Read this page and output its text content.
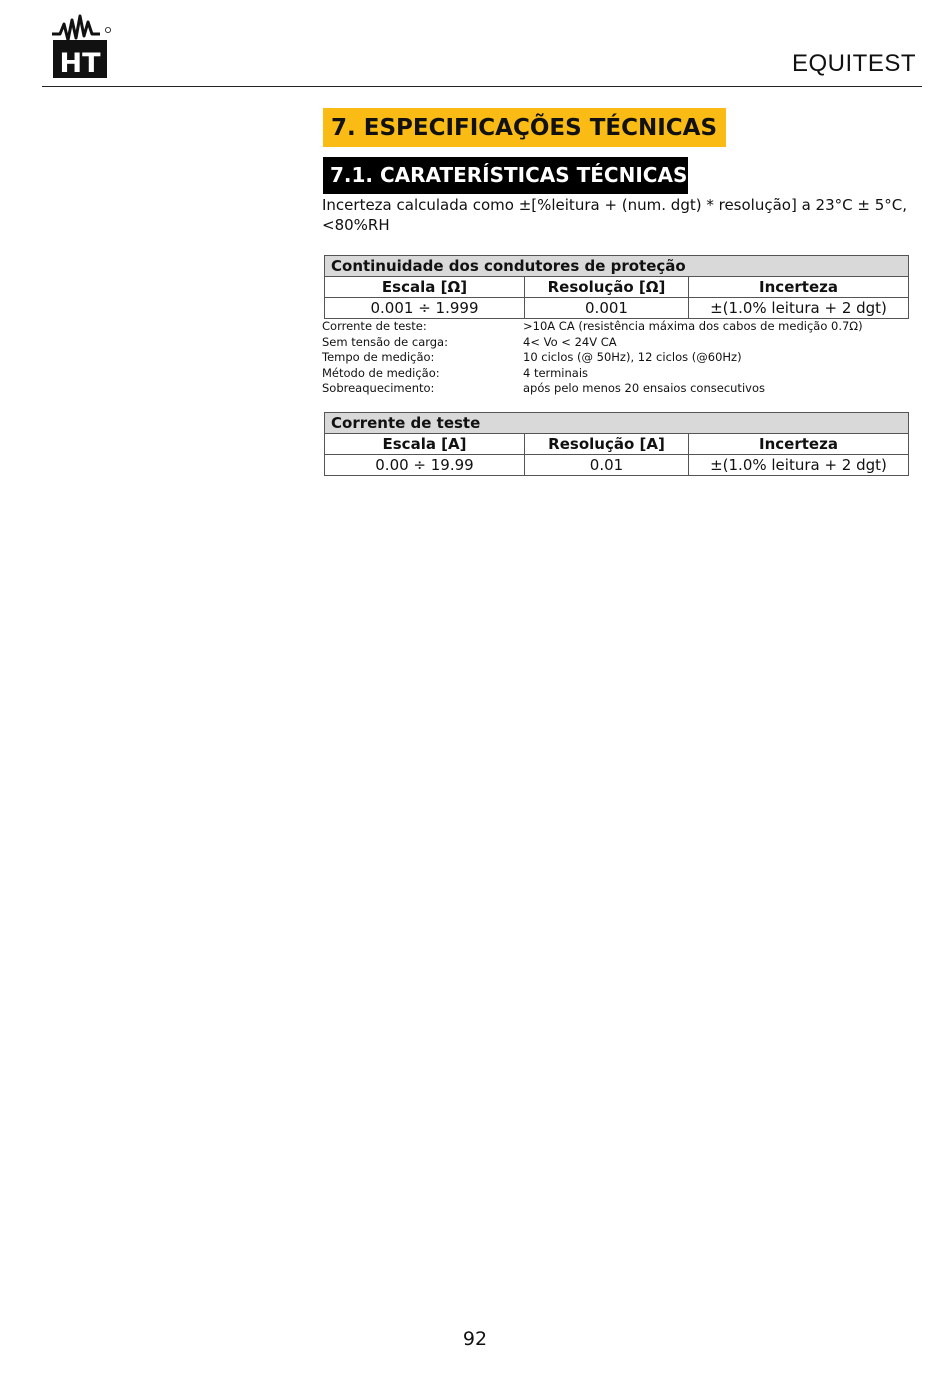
HT	EQUITEST
7. ESPECIFICAÇÕES TÉCNICAS
7.1. CARATERÍSTICAS TÉCNICAS
Incerteza calculada como ±[%leitura + (num. dgt) * resolução] a 23°C ± 5°C, <80%RH
Continuidade dos condutores de proteção		
Escala [Ω]	Resolução [Ω]	Incerteza
0.001 ÷ 1.999	0.001	±(1.0% leitura + 2 dgt)
Corrente de teste:	>10A CA (resistência máxima dos cabos de medição 0.7Ω)
Sem tensão de carga:	4< Vo < 24V CA
Tempo de medição:	10 ciclos (@ 50Hz), 12 ciclos (@60Hz)
Método de medição:	4 terminais
Sobreaquecimento:	após pelo menos 20 ensaios consecutivos
Corrente de teste		
Escala [A]	Resolução [A]	Incerteza
0.00 ÷ 19.99	0.01	±(1.0% leitura + 2 dgt)
92
